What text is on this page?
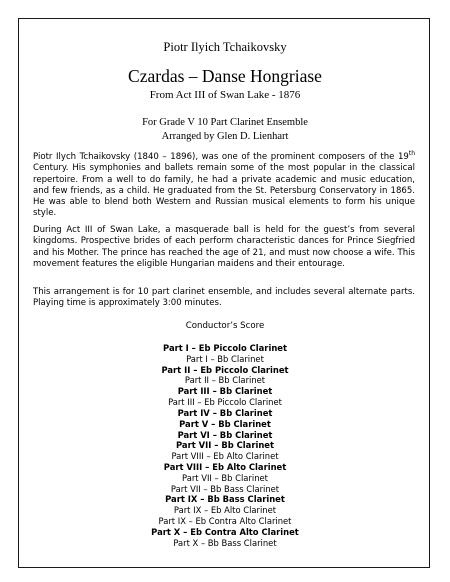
Piotr Ilyich Tchaikovsky
Czardas – Danse Hongriase
From Act III of Swan Lake - 1876
For Grade V 10 Part Clarinet Ensemble
Arranged by Glen D. Lienhart

Piotr Ilych Tchaikovsky (1840 – 1896), was one of the prominent composers of the 19th Century. His symphonies and ballets remain some of the most popular in the classical repertoire. From a well to do family, he had a private academic and music education, and few friends, as a child. He graduated from the St. Petersburg Conservatory in 1865. He was able to blend both Western and Russian musical elements to form his unique style.

During Act III of Swan Lake, a masquerade ball is held for the guest’s from several kingdoms. Prospective brides of each perform characteristic dances for Prince Siegfried and his Mother. The prince has reached the age of 21, and must now choose a wife. This movement features the eligible Hungarian maidens and their entourage.

This arrangement is for 10 part clarinet ensemble, and includes several alternate parts. Playing time is approximately 3:00 minutes.

Conductor’s Score
Part I – Eb Piccolo Clarinet
Part I – Bb Clarinet
Part II – Eb Piccolo Clarinet
Part II – Bb Clarinet
Part III – Bb Clarinet
Part III – Eb Piccolo Clarinet
Part IV – Bb Clarinet
Part V – Bb Clarinet
Part VI – Bb Clarinet
Part VII – Bb Clarinet
Part VIII – Eb Alto Clarinet
Part VIII – Eb Alto Clarinet
Part VII – Bb Clarinet
Part VII – Bb Bass Clarinet
Part IX – Bb Bass Clarinet
Part IX – Eb Alto Clarinet
Part IX – Eb Contra Alto Clarinet
Part X – Eb Contra Alto Clarinet
Part X – Bb Bass Clarinet
